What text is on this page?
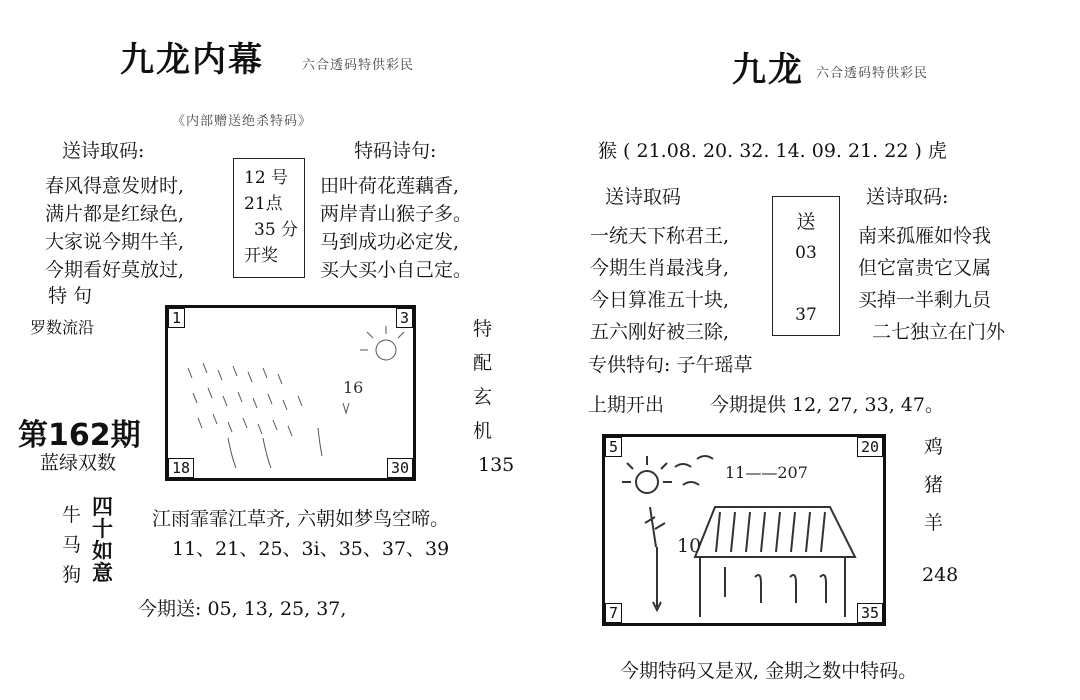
九龙内幕	六合透码特供彩民
《内部赠送绝杀特码》
送诗取码:
春风得意发财时,
满片都是红绿色,
大家说今期牛羊,
今期看好莫放过,
12 号
21点
35 分
开奖
特码诗句:
田叶荷花莲藕香,
两岸青山猴子多。
马到成功必定发,
买大买小自己定。
特 句
罗数流沿
第162期
蓝绿双数
16
1	3
18	30
特
配
玄
机
135
牛
马
狗
四
十
如
意
江雨霏霏江草齐, 六朝如梦鸟空啼。
11、21、25、3i、35、37、39
今期送: 05, 13, 25, 37,
九龙 六合透码特供彩民
猴 ( 21.08. 20. 32. 14. 09. 21. 22 ) 虎
送诗取码
一统天下称君王,
今期生肖最浅身,
今日算准五十块,
五六刚好被三除,
送
03
37
送诗取码:
南来孤雁如怜我
但它富贵它又属
买掉一半剩九员
二七独立在门外
专供特句: 子午瑶草
上期开出 今期提供 12, 27, 33, 47。
11——207
10
5	20
7	35
鸡
猪
羊
248
今期特码又是双, 金期之数中特码。
